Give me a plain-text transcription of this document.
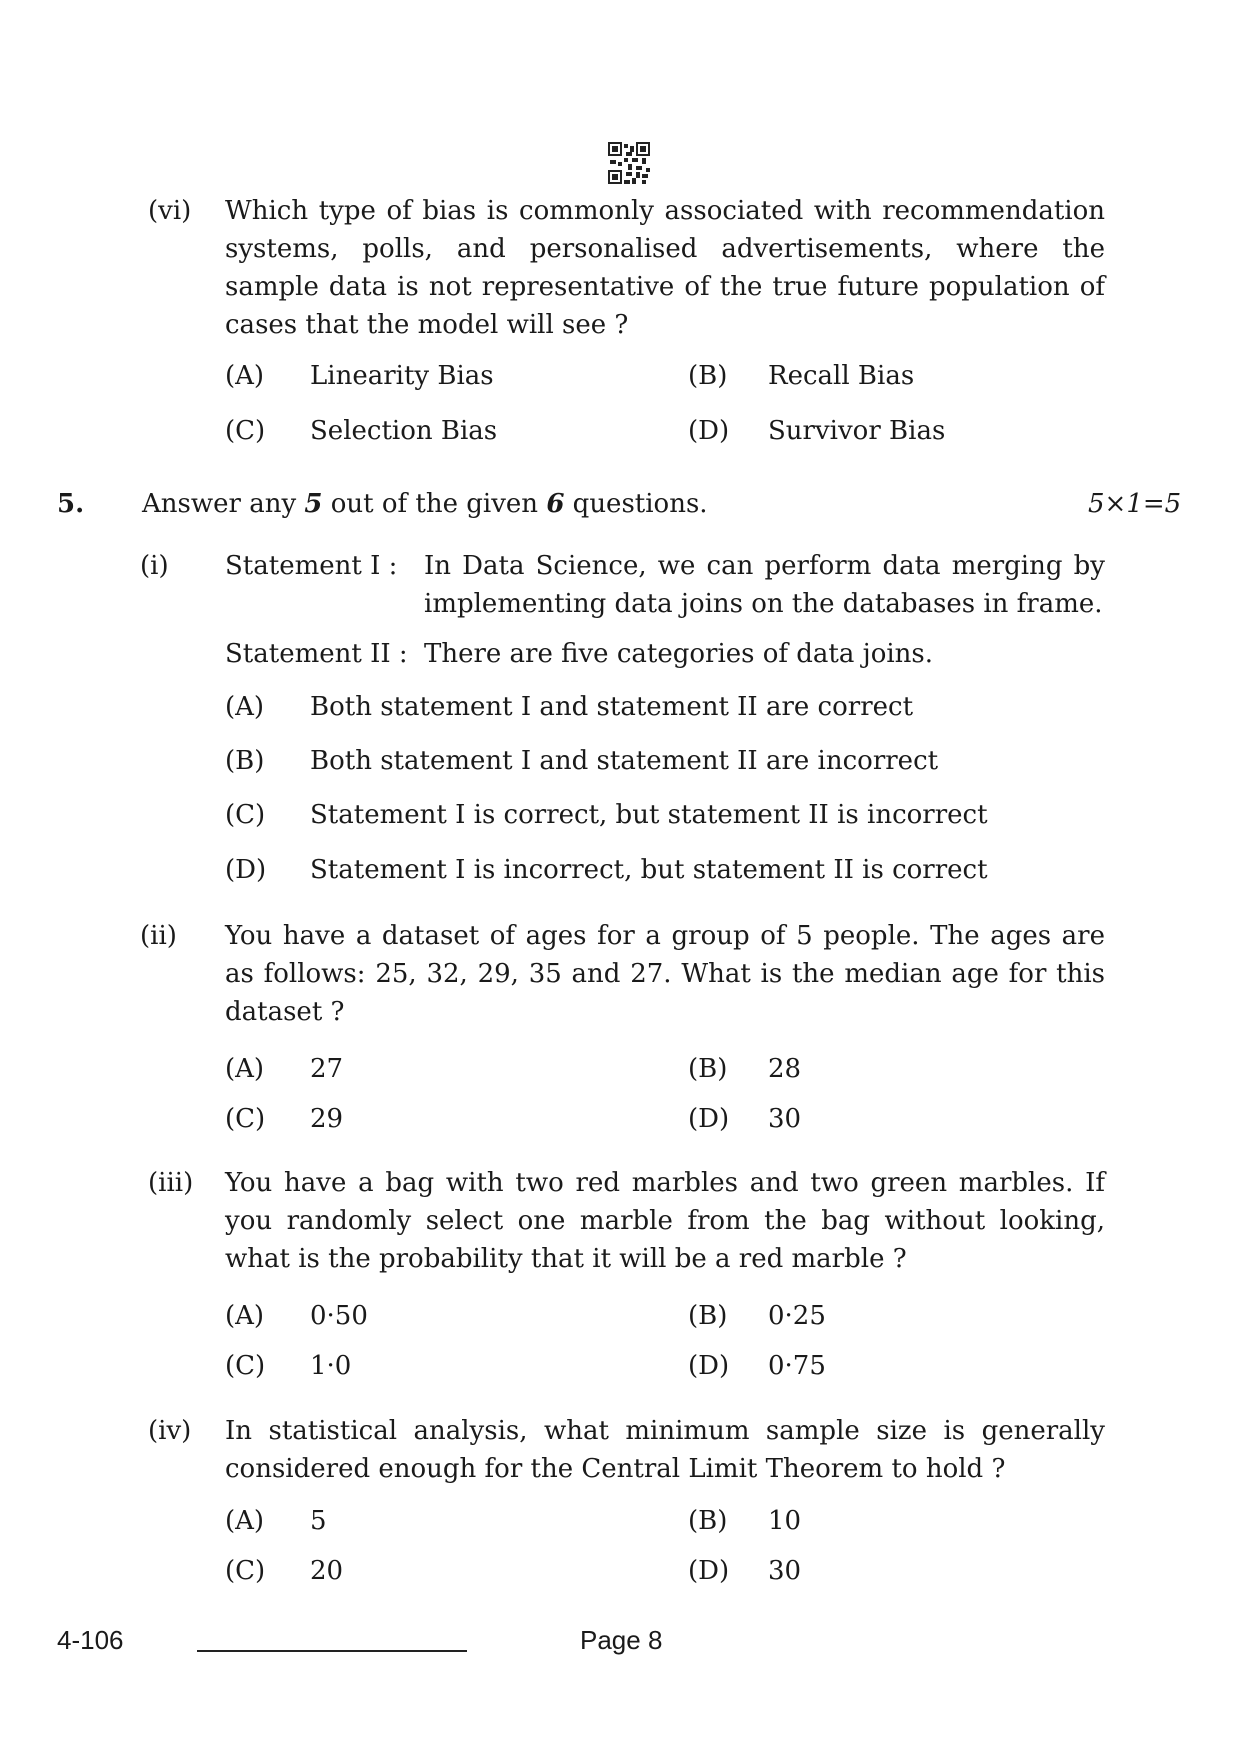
(vi) Which type of bias is commonly associated with recommendation systems, polls, and personalised advertisements, where the sample data is not representative of the true future population of cases that the model will see ?
(A) Linearity Bias	(B) Recall Bias
(C) Selection Bias	(D) Survivor Bias
5. Answer any 5 out of the given 6 questions.	5×1=5
(i) Statement I : In Data Science, we can perform data merging by implementing data joins on the databases in frame.
Statement II : There are five categories of data joins.
(A) Both statement I and statement II are correct
(B) Both statement I and statement II are incorrect
(C) Statement I is correct, but statement II is incorrect
(D) Statement I is incorrect, but statement II is correct
(ii) You have a dataset of ages for a group of 5 people. The ages are as follows: 25, 32, 29, 35 and 27. What is the median age for this dataset ?
(A) 27	(B) 28
(C) 29	(D) 30
(iii) You have a bag with two red marbles and two green marbles. If you randomly select one marble from the bag without looking, what is the probability that it will be a red marble ?
(A) 0·50	(B) 0·25
(C) 1·0	(D) 0·75
(iv) In statistical analysis, what minimum sample size is generally considered enough for the Central Limit Theorem to hold ?
(A) 5	(B) 10
(C) 20	(D) 30
4-106	Page 8
